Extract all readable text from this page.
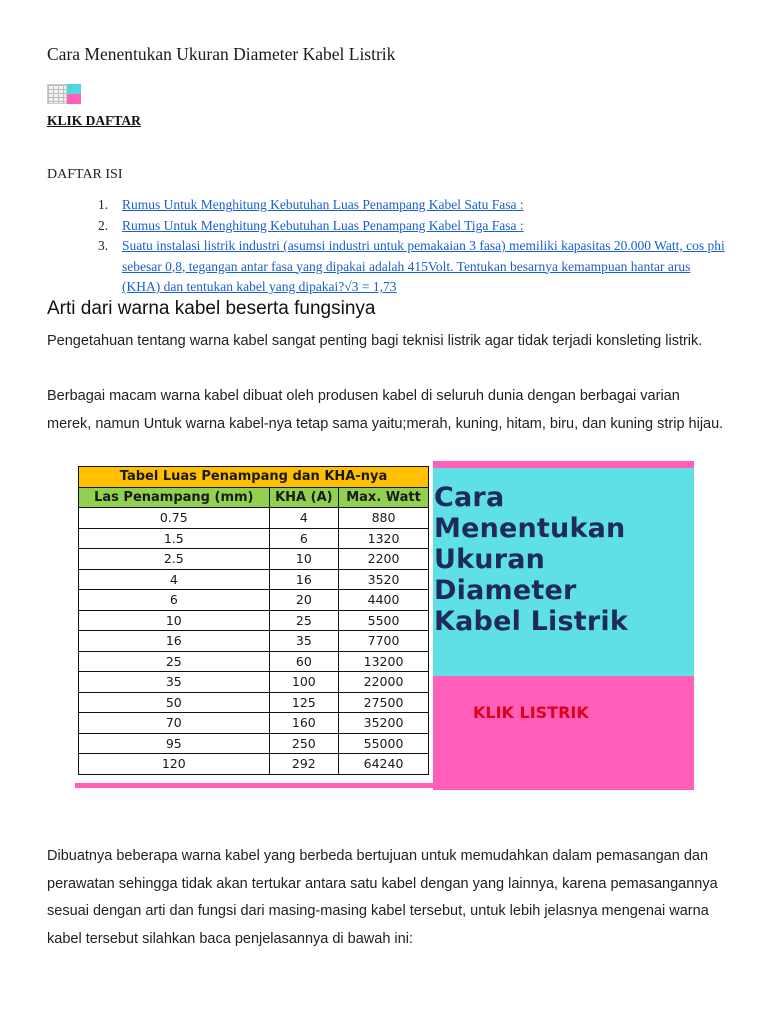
Cara Menentukan Ukuran Diameter Kabel Listrik
KLIK DAFTAR
DAFTAR ISI
1. Rumus Untuk Menghitung Kebutuhan Luas Penampang Kabel Satu Fasa :
2. Rumus Untuk Menghitung Kebutuhan Luas Penampang Kabel Tiga Fasa :
3. Suatu instalasi listrik industri (asumsi industri untuk pemakaian 3 fasa) memiliki kapasitas 20.000 Watt, cos phi sebesar 0,8, tegangan antar fasa yang dipakai adalah 415Volt. Tentukan besarnya kemampuan hantar arus (KHA) dan tentukan kabel yang dipakai?√3 = 1,73
Arti dari warna kabel beserta fungsinya

Pengetahuan tentang warna kabel sangat penting bagi teknisi listrik agar tidak terjadi konsleting listrik.

Berbagai macam warna kabel dibuat oleh produsen kabel di seluruh dunia dengan berbagai varian merek, namun Untuk warna kabel-nya tetap sama yaitu;merah, kuning, hitam, biru, dan kuning strip hijau.

Tabel Luas Penampang dan KHA-nya		
Las Penampang (mm)	KHA (A)	Max. Watt
0.75	4	880
1.5	6	1320
2.5	10	2200
4	16	3520
6	20	4400
10	25	5500
16	35	7700
25	60	13200
35	100	22000
50	125	27500
70	160	35200
95	250	55000
120	292	64240
Cara
Menentukan
Ukuran
Diameter
Kabel Listrik
KLIK LISTRIK

Dibuatnya beberapa warna kabel yang berbeda bertujuan untuk memudahkan dalam pemasangan dan perawatan sehingga tidak akan tertukar antara satu kabel dengan yang lainnya, karena pemasangannya sesuai dengan arti dan fungsi dari masing-masing kabel tersebut, untuk lebih jelasnya mengenai warna kabel tersebut silahkan baca penjelasannya di bawah ini:
